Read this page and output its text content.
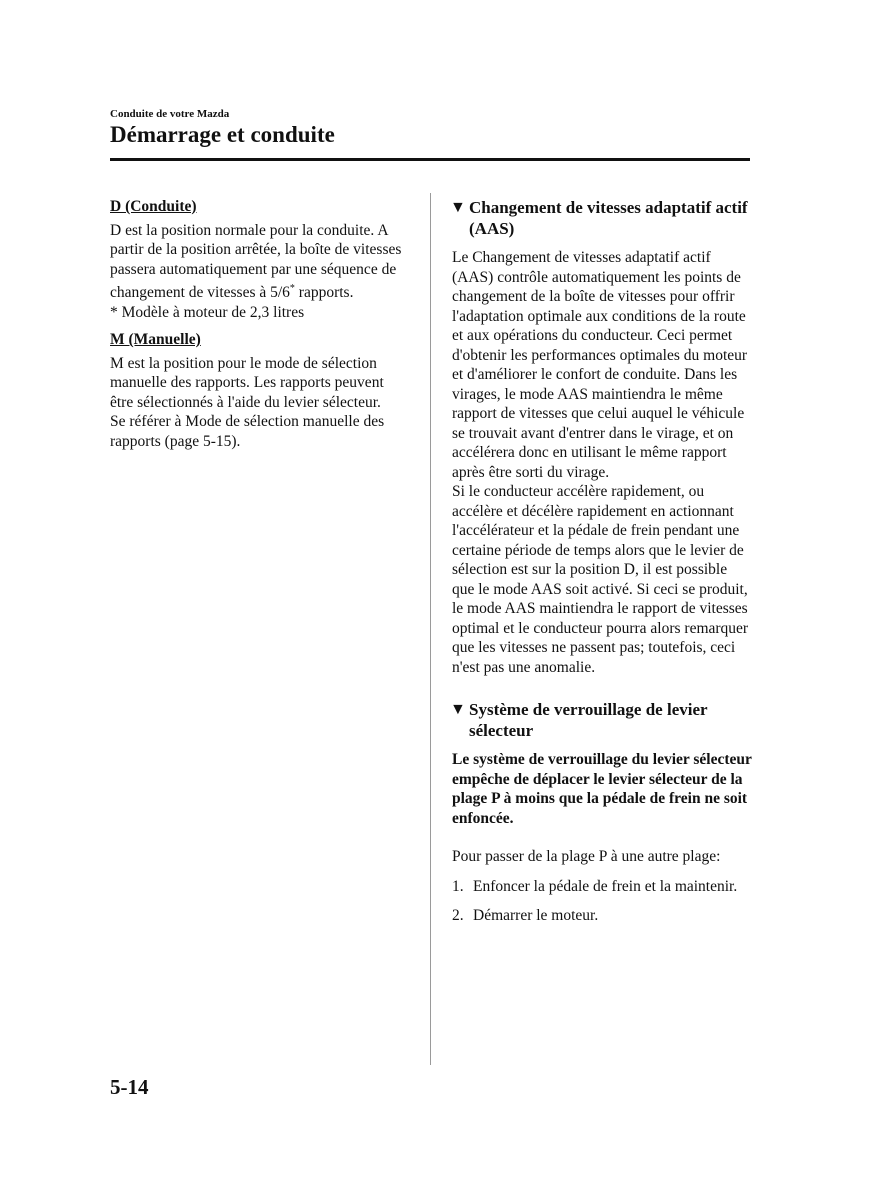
Conduite de votre Mazda
Démarrage et conduite

D (Conduite)

D est la position normale pour la conduite. A partir de la position arrêtée, la boîte de vitesses passera automatiquement par une séquence de changement de vitesses à 5/6* rapports.

* Modèle à moteur de 2,3 litres

M (Manuelle)

M est la position pour le mode de sélection manuelle des rapports. Les rapports peuvent être sélectionnés à l'aide du levier sélecteur.

Se référer à Mode de sélection manuelle des rapports (page 5-15).

▼ Changement de vitesses adaptatif actif (AAS)

Le Changement de vitesses adaptatif actif (AAS) contrôle automatiquement les points de changement de la boîte de vitesses pour offrir l'adaptation optimale aux conditions de la route et aux opérations du conducteur. Ceci permet d'obtenir les performances optimales du moteur et d'améliorer le confort de conduite. Dans les virages, le mode AAS maintiendra le même rapport de vitesses que celui auquel le véhicule se trouvait avant d'entrer dans le virage, et on accélérera donc en utilisant le même rapport après être sorti du virage.

Si le conducteur accélère rapidement, ou accélère et décélère rapidement en actionnant l'accélérateur et la pédale de frein pendant une certaine période de temps alors que le levier de sélection est sur la position D, il est possible que le mode AAS soit activé. Si ceci se produit, le mode AAS maintiendra le rapport de vitesses optimal et le conducteur pourra alors remarquer que les vitesses ne passent pas; toutefois, ceci n'est pas une anomalie.

▼ Système de verrouillage de levier sélecteur

Le système de verrouillage du levier sélecteur empêche de déplacer le levier sélecteur de la plage P à moins que la pédale de frein ne soit enfoncée.

Pour passer de la plage P à une autre plage:

1. Enfoncer la pédale de frein et la maintenir.
2. Démarrer le moteur.
5-14
